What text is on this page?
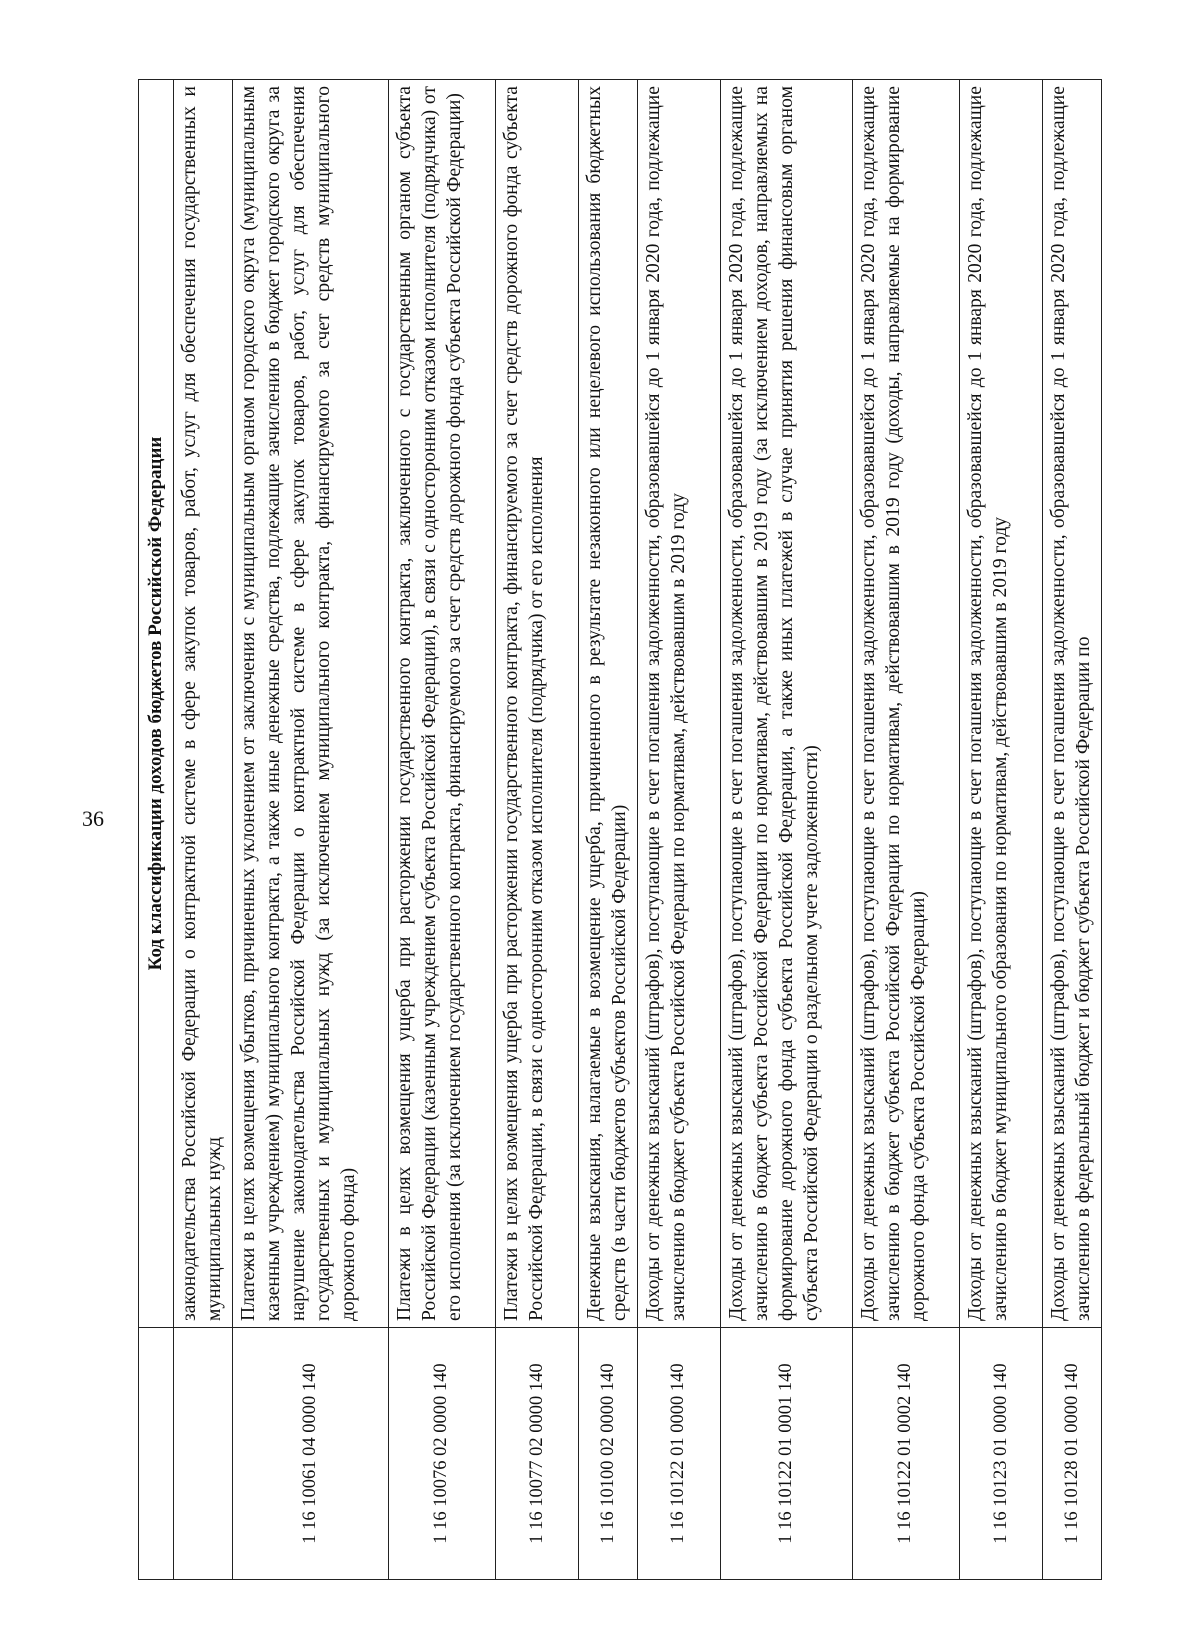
36
	Код классификации доходов бюджетов Российской Федерации
	законодательства Российской Федерации о контрактной системе в сфере закупок товаров, работ, услуг для обеспечения государственных и муниципальных нужд
1 16 10061 04 0000 140	Платежи в целях возмещения убытков, причиненных уклонением от заключения с муниципальным органом городского округа (муниципальным казенным учреждением) муниципального контракта, а также иные денежные средства, подлежащие зачислению в бюджет городского округа за нарушение законодательства Российской Федерации о контрактной системе в сфере закупок товаров, работ, услуг для обеспечения государственных и муниципальных нужд (за исключением муниципального контракта, финансируемого за счет средств муниципального дорожного фонда)
1 16 10076 02 0000 140	Платежи в целях возмещения ущерба при расторжении государственного контракта, заключенного с государственным органом субъекта Российской Федерации (казенным учреждением субъекта Российской Федерации), в связи с односторонним отказом исполнителя (подрядчика) от его исполнения (за исключением государственного контракта, финансируемого за счет средств дорожного фонда субъекта Российской Федерации)
1 16 10077 02 0000 140	Платежи в целях возмещения ущерба при расторжении государственного контракта, финансируемого за счет средств дорожного фонда субъекта Российской Федерации, в связи с односторонним отказом исполнителя (подрядчика) от его исполнения
1 16 10100 02 0000 140	Денежные взыскания, налагаемые в возмещение ущерба, причиненного в результате незаконного или нецелевого использования бюджетных средств (в части бюджетов субъектов Российской Федерации)
1 16 10122 01 0000 140	Доходы от денежных взысканий (штрафов), поступающие в счет погашения задолженности, образовавшейся до 1 января 2020 года, подлежащие зачислению в бюджет субъекта Российской Федерации по нормативам, действовавшим в 2019 году
1 16 10122 01 0001 140	Доходы от денежных взысканий (штрафов), поступающие в счет погашения задолженности, образовавшейся до 1 января 2020 года, подлежащие зачислению в бюджет субъекта Российской Федерации по нормативам, действовавшим в 2019 году (за исключением доходов, направляемых на формирование дорожного фонда субъекта Российской Федерации, а также иных платежей в случае принятия решения финансовым органом субъекта Российской Федерации о раздельном учете задолженности)
1 16 10122 01 0002 140	Доходы от денежных взысканий (штрафов), поступающие в счет погашения задолженности, образовавшейся до 1 января 2020 года, подлежащие зачислению в бюджет субъекта Российской Федерации по нормативам, действовавшим в 2019 году (доходы, направляемые на формирование дорожного фонда субъекта Российской Федерации)
1 16 10123 01 0000 140	Доходы от денежных взысканий (штрафов), поступающие в счет погашения задолженности, образовавшейся до 1 января 2020 года, подлежащие зачислению в бюджет муниципального образования по нормативам, действовавшим в 2019 году
1 16 10128 01 0000 140	Доходы от денежных взысканий (штрафов), поступающие в счет погашения задолженности, образовавшейся до 1 января 2020 года, подлежащие зачислению в федеральный бюджет и бюджет субъекта Российской Федерации по
